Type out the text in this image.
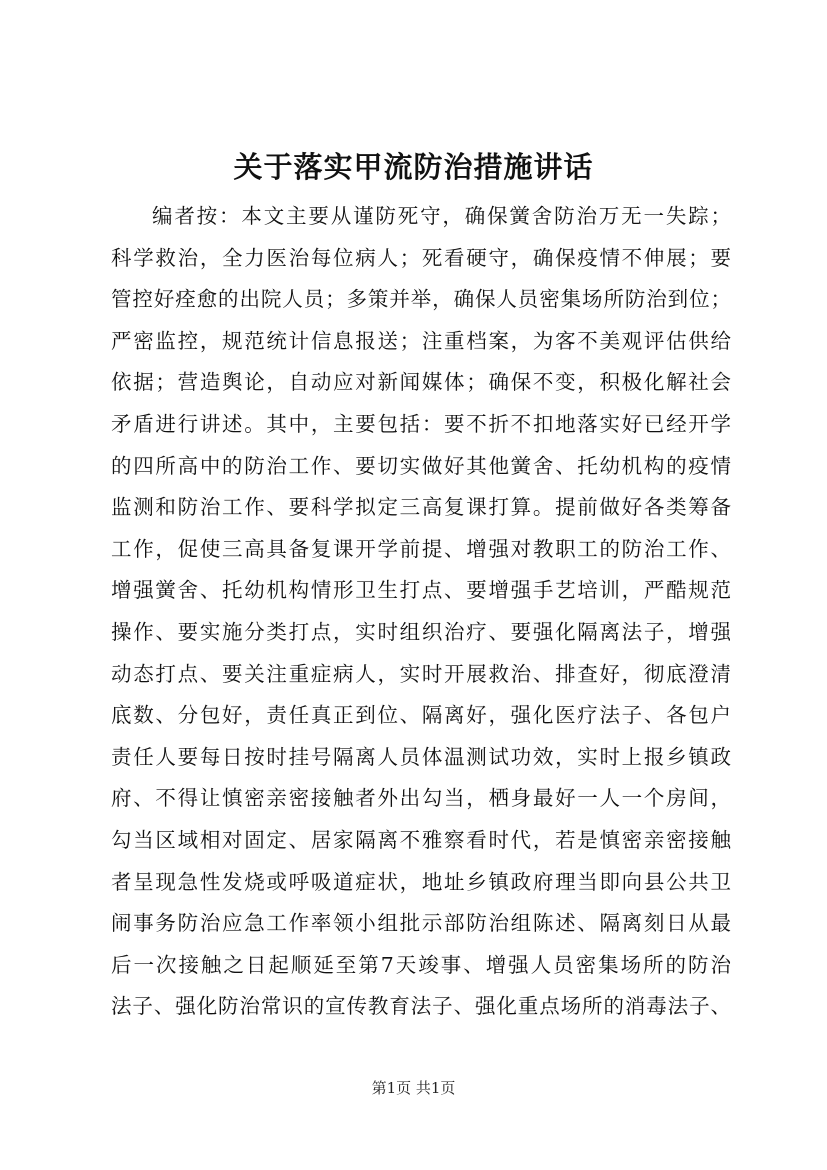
关于落实甲流防治措施讲话
编者按：本文主要从谨防死守，确保黉舍防治万无一失踪；
科学救治，全力医治每位病人；死看硬守，确保疫情不伸展；要
管控好痊愈的出院人员；多策并举，确保人员密集场所防治到位；
严密监控，规范统计信息报送；注重档案，为客不美观评估供给
依据；营造舆论，自动应对新闻媒体；确保不变，积极化解社会
矛盾进行讲述。其中，主要包括：要不折不扣地落实好已经开学
的四所高中的防治工作、要切实做好其他黉舍、托幼机构的疫情
监测和防治工作、要科学拟定三高复课打算。提前做好各类筹备
工作，促使三高具备复课开学前提、增强对教职工的防治工作、
增强黉舍、托幼机构情形卫生打点、要增强手艺培训，严酷规范
操作、要实施分类打点，实时组织治疗、要强化隔离法子，增强
动态打点、要关注重症病人，实时开展救治、排查好，彻底澄清
底数、分包好，责任真正到位、隔离好，强化医疗法子、各包户
责任人要每日按时挂号隔离人员体温测试功效，实时上报乡镇政
府、不得让慎密亲密接触者外出勾当，栖身最好一人一个房间，
勾当区域相对固定、居家隔离不雅察看时代，若是慎密亲密接触
者呈现急性发烧或呼吸道症状，地址乡镇政府理当即向县公共卫
闹事务防治应急工作率领小组批示部防治组陈述、隔离刻日从最
后一次接触之日起顺延至第7天竣事、增强人员密集场所的防治
法子、强化防治常识的宣传教育法子、强化重点场所的消毒法子、
第1页 共1页
